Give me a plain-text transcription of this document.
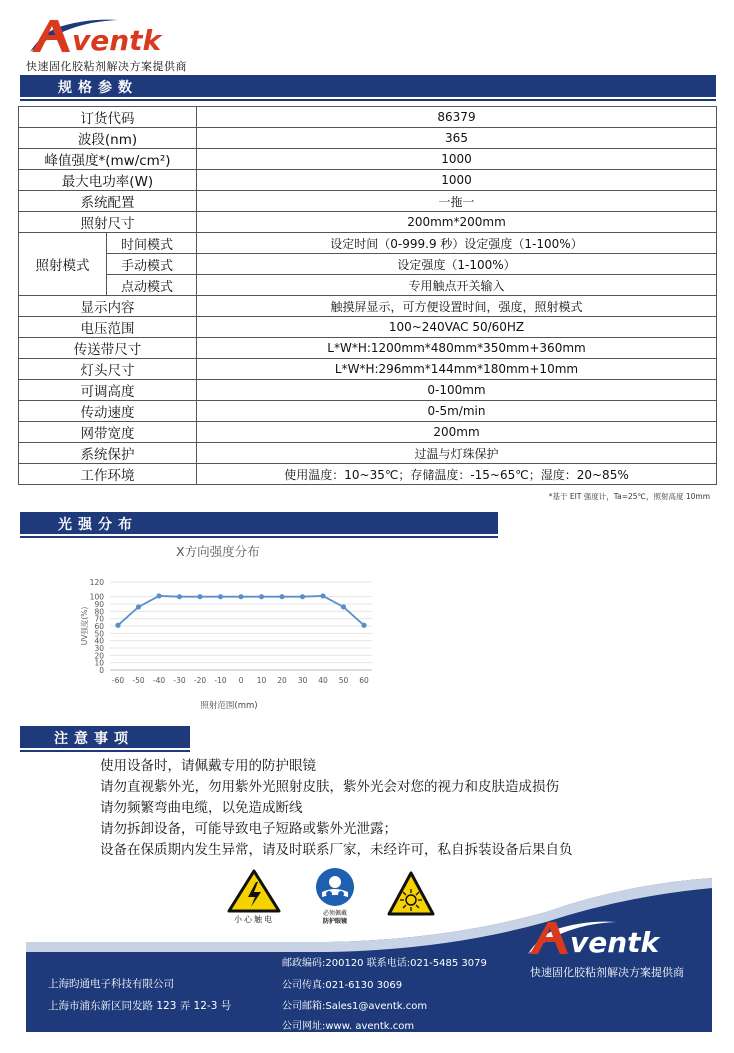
ventk
快速固化胶粘剂解决方案提供商
规格参数
订货代码		86379
波段(nm)		365
峰值强度*(mw/cm²)		1000
最大电功率(W)		1000
系统配置		一拖一
照射尺寸		200mm*200mm
照射模式	时间模式	设定时间（0-999.9 秒）设定强度（1-100%）
	手动模式	设定强度（1-100%）
	点动模式	专用触点开关输入
显示内容		触摸屏显示，可方便设置时间，强度，照射模式
电压范围		100~240VAC 50/60HZ
传送带尺寸		L*W*H:1200mm*480mm*350mm+360mm
灯头尺寸		L*W*H:296mm*144mm*180mm+10mm
可调高度		0-100mm
传动速度		0-5m/min
网带宽度		200mm
系统保护		过温与灯珠保护
工作环境		使用温度：10~35℃；存储温度：-15~65℃；湿度：20~85%
*基于 EIT 强度计，Ta=25℃，照射高度 10mm
光强分布
X方向强度分布
0
10
20
30
40
50
60
70
80
90
100
120
-60 -50 -40 -30 -20 -10 0 10 20 30 40 50 60
照射范围(mm)
UV强度(%)
注意事项
使用设备时，请佩戴专用的防护眼镜
请勿直视紫外光，勿用紫外光照射皮肤，紫外光会对您的视力和皮肤造成损伤
请勿频繁弯曲电缆，以免造成断线
请勿拆卸设备，可能导致电子短路或紫外光泄露；
设备在保质期内发生异常，请及时联系厂家，未经许可，私自拆装设备后果自负
小心触电
必须佩戴
防护眼镜
ventk
快速固化胶粘剂解决方案提供商
上海昀通电子科技有限公司
上海市浦东新区同发路 123 弄 12-3 号
邮政编码:200120 联系电话:021-5485 3079
公司传真:021-6130 3069
公司邮箱:Sales1@aventk.com
公司网址:www. aventk.com
